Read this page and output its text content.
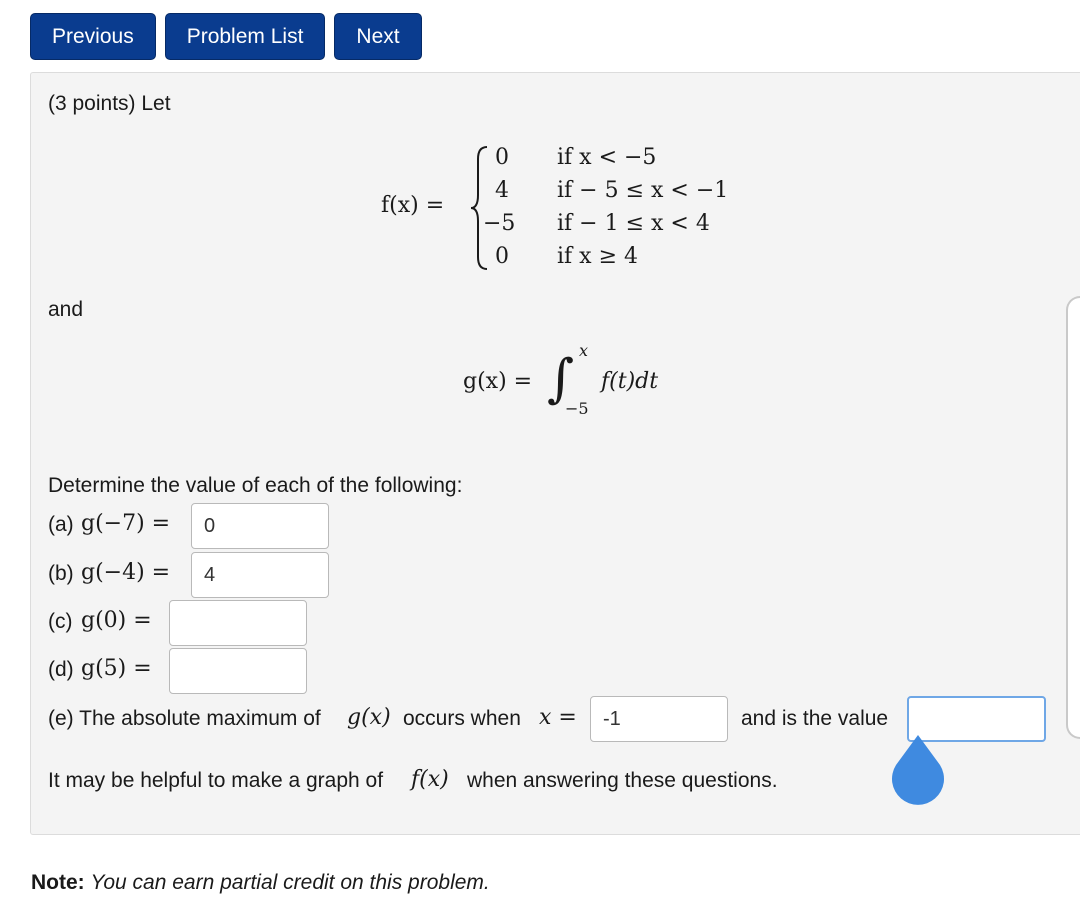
Previous	Problem List	Next
(3 points) Let
f(x) =
0 if x < −5
4 if − 5 ≤ x < −1
−5 if − 1 ≤ x < 4
0 if x ≥ 4
and
g(x) = ∫ x
−5
f(t)dt
Determine the value of each of the following:
(a) g(−7) =
0
(b) g(−4) =
4
(c) g(0) =
(d) g(5) =
(e) The absolute maximum of g(x) occurs when x =
-1	and is the value
It may be helpful to make a graph of f(x) when answering these questions.
Note: You can earn partial credit on this problem.
